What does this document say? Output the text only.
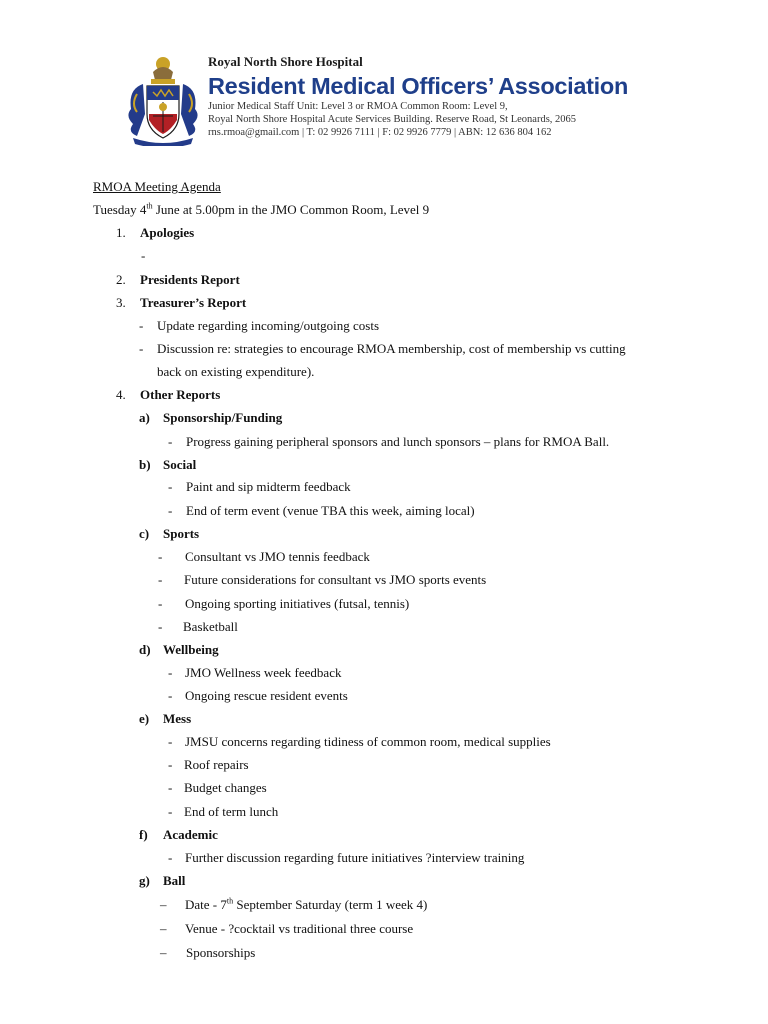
Royal North Shore Hospital
Resident Medical Officers’ Association
Junior Medical Staff Unit: Level 3 or RMOA Common Room: Level 9,
Royal North Shore Hospital Acute Services Building. Reserve Road, St Leonards, 2065
rns.rmoa@gmail.com | T: 02 9926 7111 | F: 02 9926 7779 | ABN: 12 636 804 162
RMOA Meeting Agenda
Tuesday 4th June at 5.00pm in the JMO Common Room, Level 9
1. Apologies
-
2. Presidents Report
3. Treasurer’s Report
- Update regarding incoming/outgoing costs
- Discussion re: strategies to encourage RMOA membership, cost of membership vs cutting
back on existing expenditure).
4. Other Reports
a) Sponsorship/Funding
- Progress gaining peripheral sponsors and lunch sponsors – plans for RMOA Ball.
b) Social
- Paint and sip midterm feedback
- End of term event (venue TBA this week, aiming local)
c) Sports
- Consultant vs JMO tennis feedback
- Future considerations for consultant vs JMO sports events
- Ongoing sporting initiatives (futsal, tennis)
- Basketball
d) Wellbeing
- JMO Wellness week feedback
- Ongoing rescue resident events
e) Mess
- JMSU concerns regarding tidiness of common room, medical supplies
- Roof repairs
- Budget changes
- End of term lunch
f) Academic
- Further discussion regarding future initiatives ?interview training
g) Ball
– Date - 7th September Saturday (term 1 week 4)
– Venue - ?cocktail vs traditional three course
– Sponsorships
